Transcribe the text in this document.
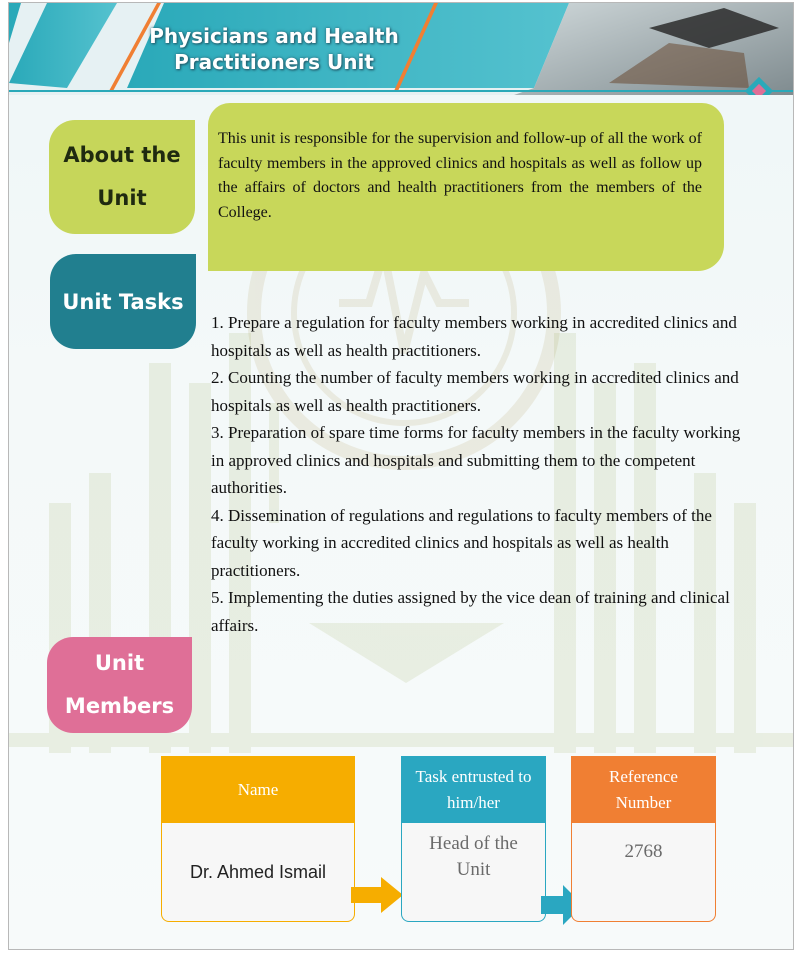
Physicians and Health Practitioners Unit
About the Unit

This unit is responsible for the supervision and follow-up of all the work of faculty members in the approved clinics and hospitals as well as follow up the affairs of doctors and health practitioners from the members of the College.

Unit Tasks
1. Prepare a regulation for faculty members working in accredited clinics and hospitals as well as health practitioners.
2. Counting the number of faculty members working in accredited clinics and hospitals as well as health practitioners.
3. Preparation of spare time forms for faculty members in the faculty working in approved clinics and hospitals and submitting them to the competent authorities.
4. Dissemination of regulations and regulations to faculty members of the faculty working in accredited clinics and hospitals as well as health practitioners.
5. Implementing the duties assigned by the vice dean of training and clinical affairs.
Unit Members
Name
Dr. Ahmed Ismail
Task entrusted to him/her
Head of the Unit
Reference Number
2768
